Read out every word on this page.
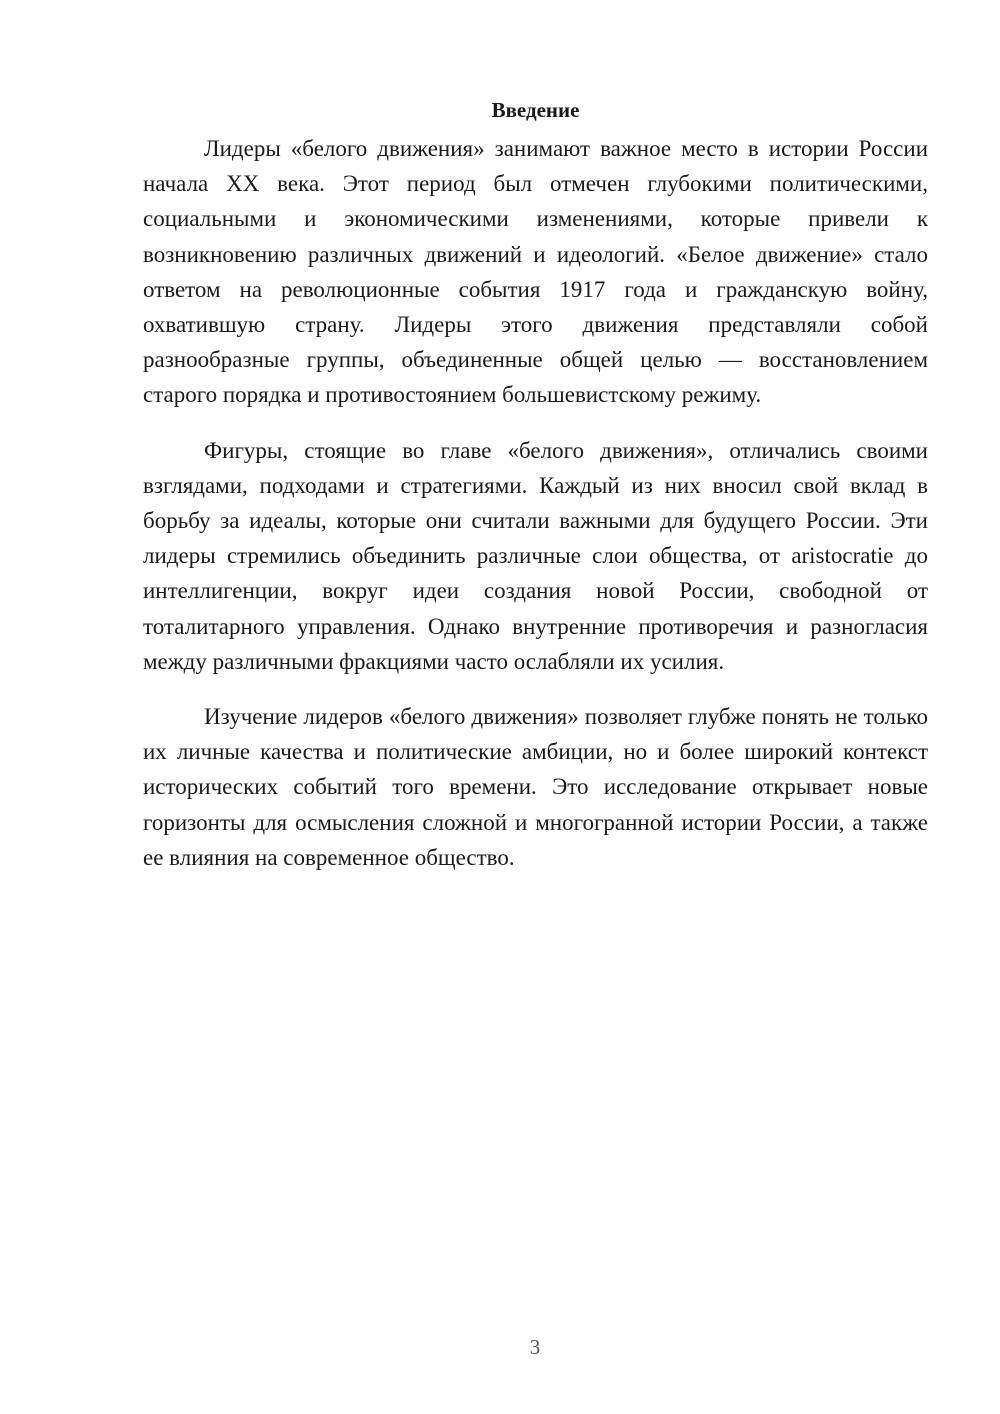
Введение

Лидеры «белого движения» занимают важное место в истории России начала XX века. Этот период был отмечен глубокими политическими, социальными и экономическими изменениями, которые привели к возникновению различных движений и идеологий. «Белое движение» стало ответом на революционные события 1917 года и гражданскую войну, охватившую страну. Лидеры этого движения представляли собой разнообразные группы, объединенные общей целью — восстановлением старого порядка и противостоянием большевистскому режиму.

Фигуры, стоящие во главе «белого движения», отличались своими взглядами, подходами и стратегиями. Каждый из них вносил свой вклад в борьбу за идеалы, которые они считали важными для будущего России. Эти лидеры стремились объединить различные слои общества, от aristocratie до интеллигенции, вокруг идеи создания новой России, свободной от тоталитарного управления. Однако внутренние противоречия и разногласия между различными фракциями часто ослабляли их усилия.

Изучение лидеров «белого движения» позволяет глубже понять не только их личные качества и политические амбиции, но и более широкий контекст исторических событий того времени. Это исследование открывает новые горизонты для осмысления сложной и многогранной истории России, а также ее влияния на современное общество.

3
